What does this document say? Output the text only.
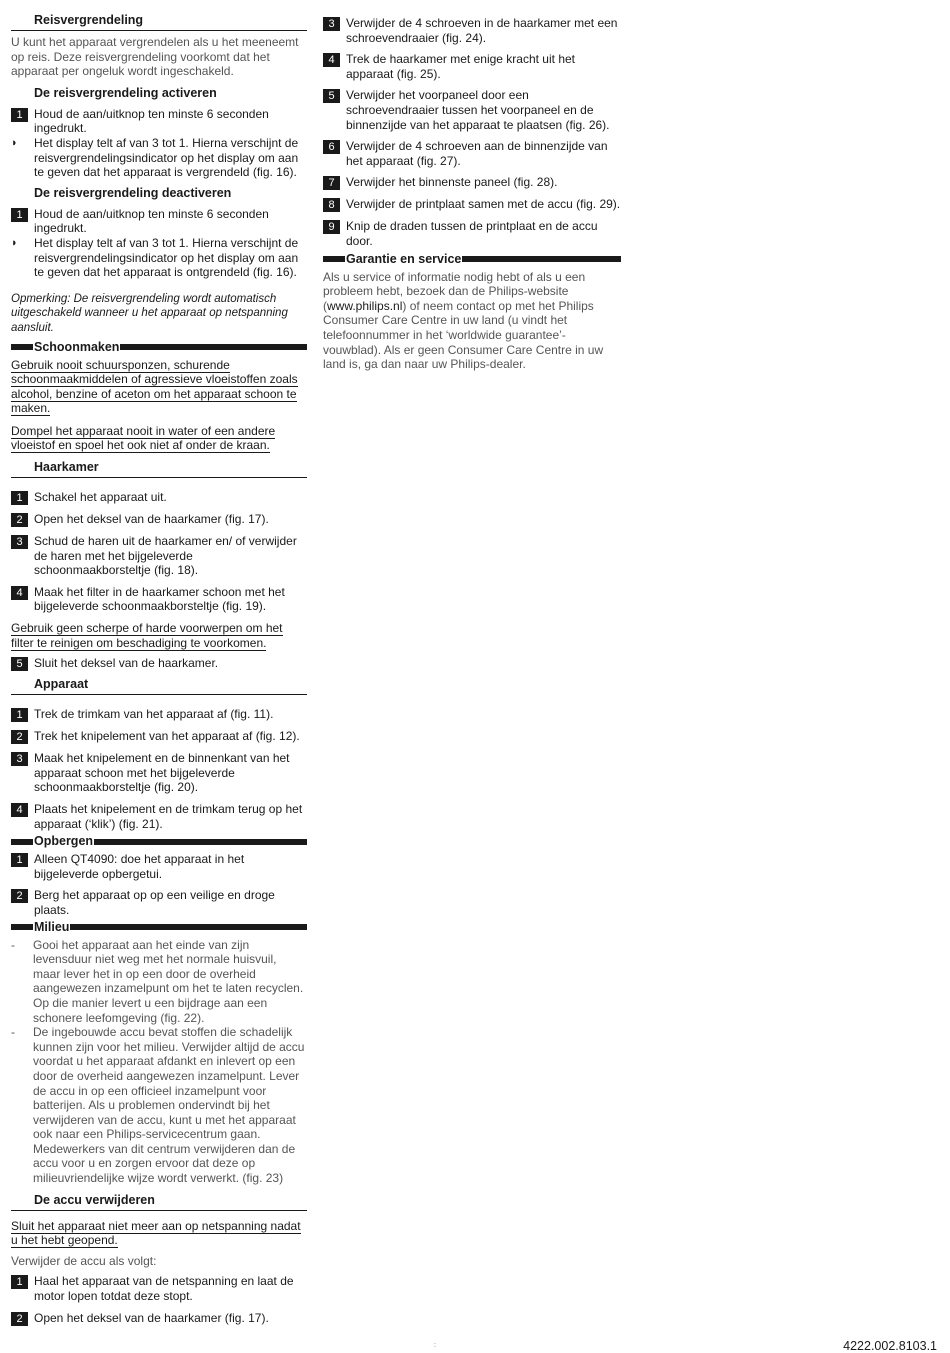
Reisvergrendeling

U kunt het apparaat vergrendelen als u het meeneemt op reis. Deze reisvergrendeling voorkomt dat het apparaat per ongeluk wordt ingeschakeld.

De reisvergrendeling activeren
1 Houd de aan/uitknop ten minste 6 seconden ingedrukt.
◗	Het display telt af van 3 tot 1. Hierna verschijnt de reisvergrendelingsindicator op het display om aan te geven dat het apparaat is vergrendeld (fig. 16).
De reisvergrendeling deactiveren
1 Houd de aan/uitknop ten minste 6 seconden ingedrukt.
◗	Het display telt af van 3 tot 1. Hierna verschijnt de reisvergrendelingsindicator op het display om aan te geven dat het apparaat is ontgrendeld (fig. 16).

Opmerking: De reisvergrendeling wordt automatisch uitgeschakeld wanneer u het apparaat op netspanning aansluit.

Schoonmaken

Gebruik nooit schuursponzen, schurende schoonmaakmiddelen of agressieve vloeistoffen zoals alcohol, benzine of aceton om het apparaat schoon te maken.

Dompel het apparaat nooit in water of een andere vloeistof en spoel het ook niet af onder de kraan.

Haarkamer
1 Schakel het apparaat uit.
2 Open het deksel van de haarkamer (fig. 17).
3 Schud de haren uit de haarkamer en/ of verwijder de haren met het bijgeleverde schoonmaakborsteltje (fig. 18).
4 Maak het filter in de haarkamer schoon met het bijgeleverde schoonmaakborsteltje (fig. 19).

Gebruik geen scherpe of harde voorwerpen om het filter te reinigen om beschadiging te voorkomen.

5 Sluit het deksel van de haarkamer.
Apparaat
1 Trek de trimkam van het apparaat af (fig. 11).
2 Trek het knipelement van het apparaat af (fig. 12).
3 Maak het knipelement en de binnenkant van het apparaat schoon met het bijgeleverde schoonmaakborsteltje (fig. 20).
4 Plaats het knipelement en de trimkam terug op het apparaat (‘klik’) (fig. 21).
Opbergen
1 Alleen QT4090: doe het apparaat in het bijgeleverde opbergetui.
2 Berg het apparaat op op een veilige en droge plaats.
Milieu
-	Gooi het apparaat aan het einde van zijn levensduur niet weg met het normale huisvuil, maar lever het in op een door de overheid aangewezen inzamelpunt om het te laten recyclen. Op die manier levert u een bijdrage aan een schonere leefomgeving (fig. 22).
-	De ingebouwde accu bevat stoffen die schadelijk kunnen zijn voor het milieu. Verwijder altijd de accu voordat u het apparaat afdankt en inlevert op een door de overheid aangewezen inzamelpunt. Lever de accu in op een officieel inzamelpunt voor batterijen. Als u problemen ondervindt bij het verwijderen van de accu, kunt u met het apparaat ook naar een Philips-servicecentrum gaan. Medewerkers van dit centrum verwijderen dan de accu voor u en zorgen ervoor dat deze op milieuvriendelijke wijze wordt verwerkt. (fig. 23)
De accu verwijderen

Sluit het apparaat niet meer aan op netspanning nadat u het hebt geopend.

Verwijder de accu als volgt:

1 Haal het apparaat van de netspanning en laat de motor lopen totdat deze stopt.
2 Open het deksel van de haarkamer (fig. 17).
3 Verwijder de 4 schroeven in de haarkamer met een schroevendraaier (fig. 24).
4 Trek de haarkamer met enige kracht uit het apparaat (fig. 25).
5 Verwijder het voorpaneel door een schroevendraaier tussen het voorpaneel en de binnenzijde van het apparaat te plaatsen (fig. 26).
6 Verwijder de 4 schroeven aan de binnenzijde van het apparaat (fig. 27).
7 Verwijder het binnenste paneel (fig. 28).
8 Verwijder de printplaat samen met de accu (fig. 29).
9 Knip de draden tussen de printplaat en de accu door.
Garantie en service

Als u service of informatie nodig hebt of als u een probleem hebt, bezoek dan de Philips-website (www.philips.nl) of neem contact op met het Philips Consumer Care Centre in uw land (u vindt het telefoonnummer in het ‘worldwide guarantee’-vouwblad). Als er geen Consumer Care Centre in uw land is, ga dan naar uw Philips-dealer.

:	4222.002.8103.1
